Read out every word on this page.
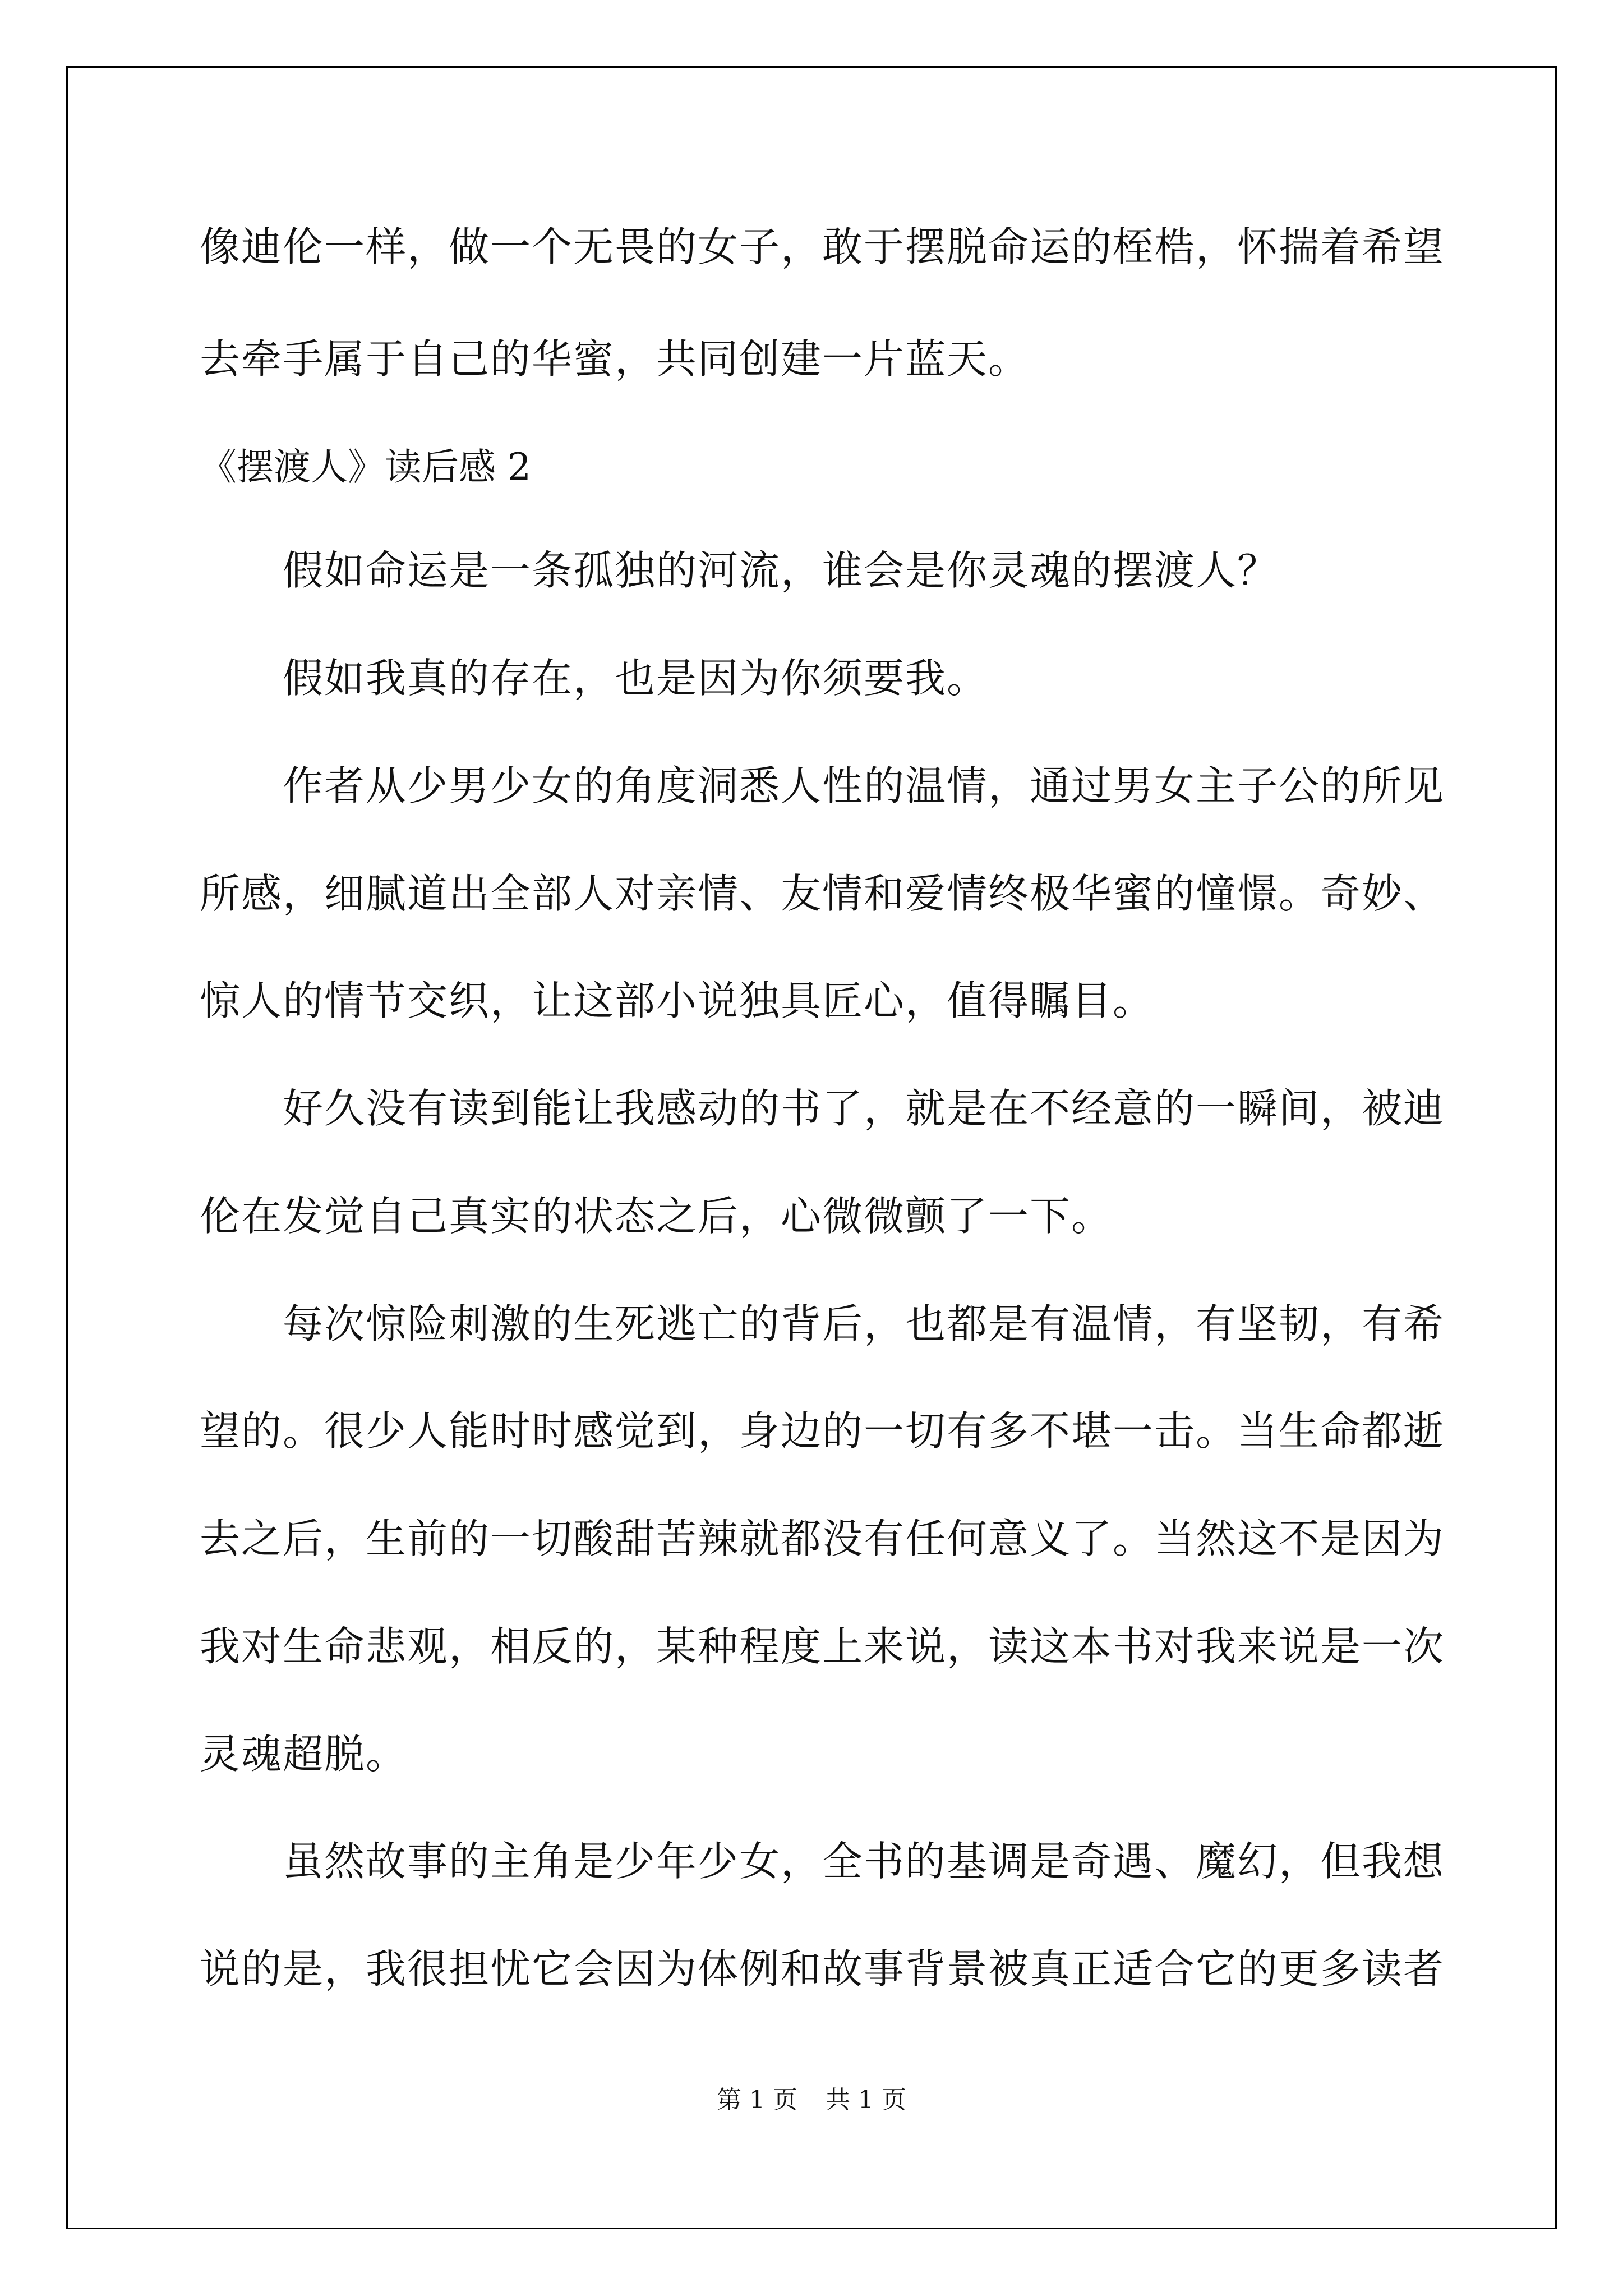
像迪伦一样，做一个无畏的女子，敢于摆脱命运的桎梏，怀揣着希望
去牵手属于自己的华蜜，共同创建一片蓝天。
《摆渡人》读后感 2
　　假如命运是一条孤独的河流，谁会是你灵魂的摆渡人？
　　假如我真的存在，也是因为你须要我。
　　作者从少男少女的角度洞悉人性的温情，通过男女主子公的所见
所感，细腻道出全部人对亲情、友情和爱情终极华蜜的憧憬。奇妙、
惊人的情节交织，让这部小说独具匠心，值得瞩目。
　　好久没有读到能让我感动的书了，就是在不经意的一瞬间，被迪
伦在发觉自己真实的状态之后，心微微颤了一下。
　　每次惊险刺激的生死逃亡的背后，也都是有温情，有坚韧，有希
望的。很少人能时时感觉到，身边的一切有多不堪一击。当生命都逝
去之后，生前的一切酸甜苦辣就都没有任何意义了。当然这不是因为
我对生命悲观，相反的，某种程度上来说，读这本书对我来说是一次
灵魂超脱。
　　虽然故事的主角是少年少女，全书的基调是奇遇、魔幻，但我想
说的是，我很担忧它会因为体例和故事背景被真正适合它的更多读者
第 1 页 共 1 页
